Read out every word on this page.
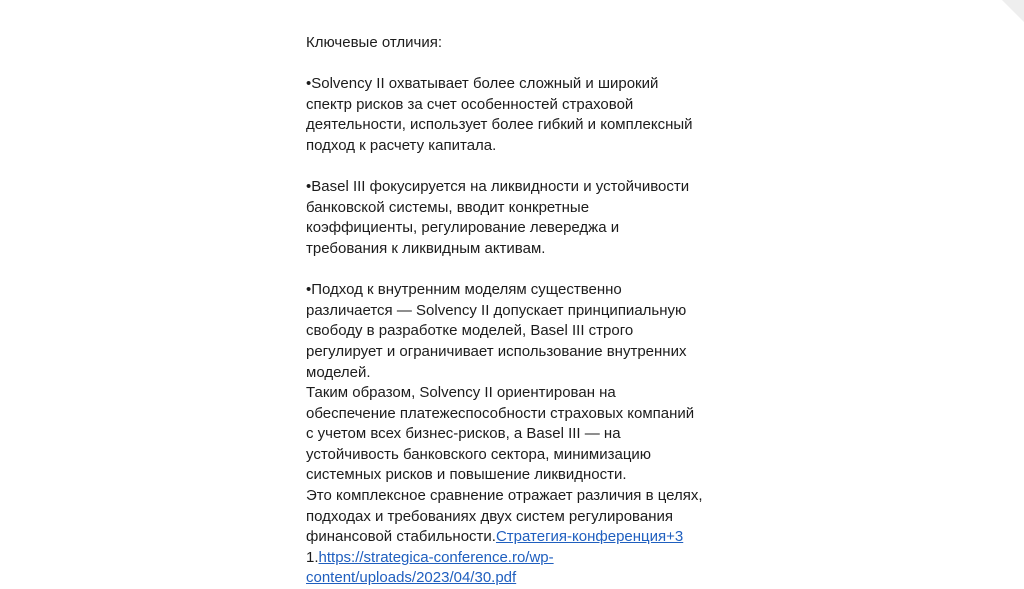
Ключевые отличия:
•Solvency II охватывает более сложный и широкий
спектр рисков за счет особенностей страховой
деятельности, использует более гибкий и комплексный
подход к расчету капитала.
•Basel III фокусируется на ликвидности и устойчивости
банковской системы, вводит конкретные
коэффициенты, регулирование левереджа и
требования к ликвидным активам.
•Подход к внутренним моделям существенно
различается — Solvency II допускает принципиальную
свободу в разработке моделей, Basel III строго
регулирует и ограничивает использование внутренних
моделей.
Таким образом, Solvency II ориентирован на
обеспечение платежеспособности страховых компаний
с учетом всех бизнес-рисков, а Basel III — на
устойчивость банковского сектора, минимизацию
системных рисков и повышение ликвидности.
Это комплексное сравнение отражает различия в целях,
подходах и требованиях двух систем регулирования
финансовой стабильности.Стратегия-конференция+3
1.https://strategica-conference.ro/wp-
content/uploads/2023/04/30.pdf
